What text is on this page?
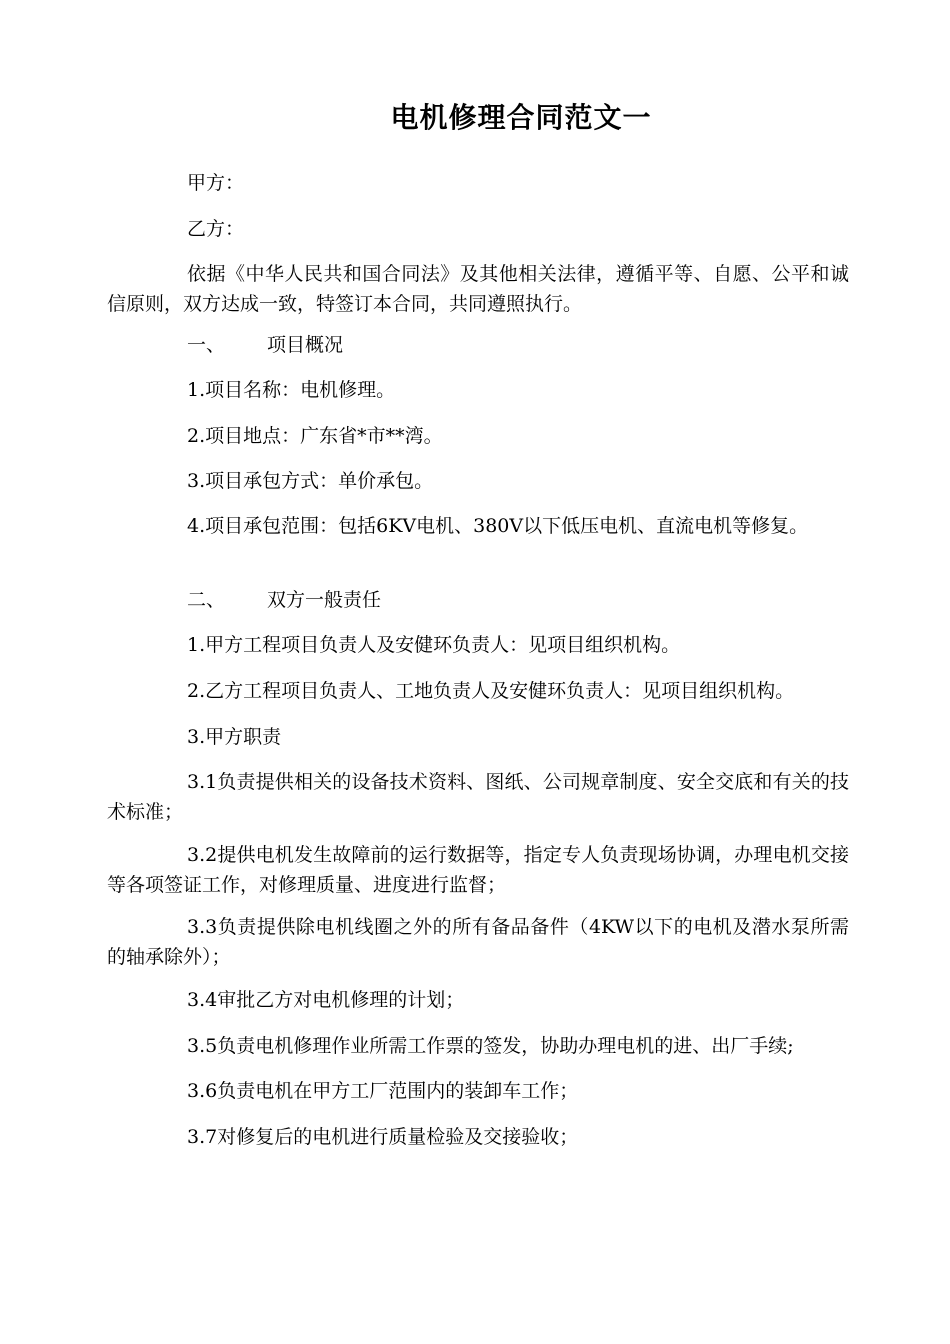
电机修理合同范文一
甲方：
乙方：
依据《中华人民共和国合同法》及其他相关法律，遵循平等、自愿、公平和诚信原则，双方达成一致，特签订本合同，共同遵照执行。
一、 项目概况
1.项目名称：电机修理。
2.项目地点：广东省*市**湾。
3.项目承包方式：单价承包。
4.项目承包范围：包括6KV电机、380V以下低压电机、直流电机等修复。
二、 双方一般责任
1.甲方工程项目负责人及安健环负责人：见项目组织机构。
2.乙方工程项目负责人、工地负责人及安健环负责人：见项目组织机构。
3.甲方职责
3.1负责提供相关的设备技术资料、图纸、公司规章制度、安全交底和有关的技术标准；
3.2提供电机发生故障前的运行数据等，指定专人负责现场协调，办理电机交接等各项签证工作，对修理质量、进度进行监督；
3.3负责提供除电机线圈之外的所有备品备件（4KW以下的电机及潜水泵所需的轴承除外）；
3.4审批乙方对电机修理的计划；
3.5负责电机修理作业所需工作票的签发，协助办理电机的进、出厂手续;
3.6负责电机在甲方工厂范围内的装卸车工作；
3.7对修复后的电机进行质量检验及交接验收；
